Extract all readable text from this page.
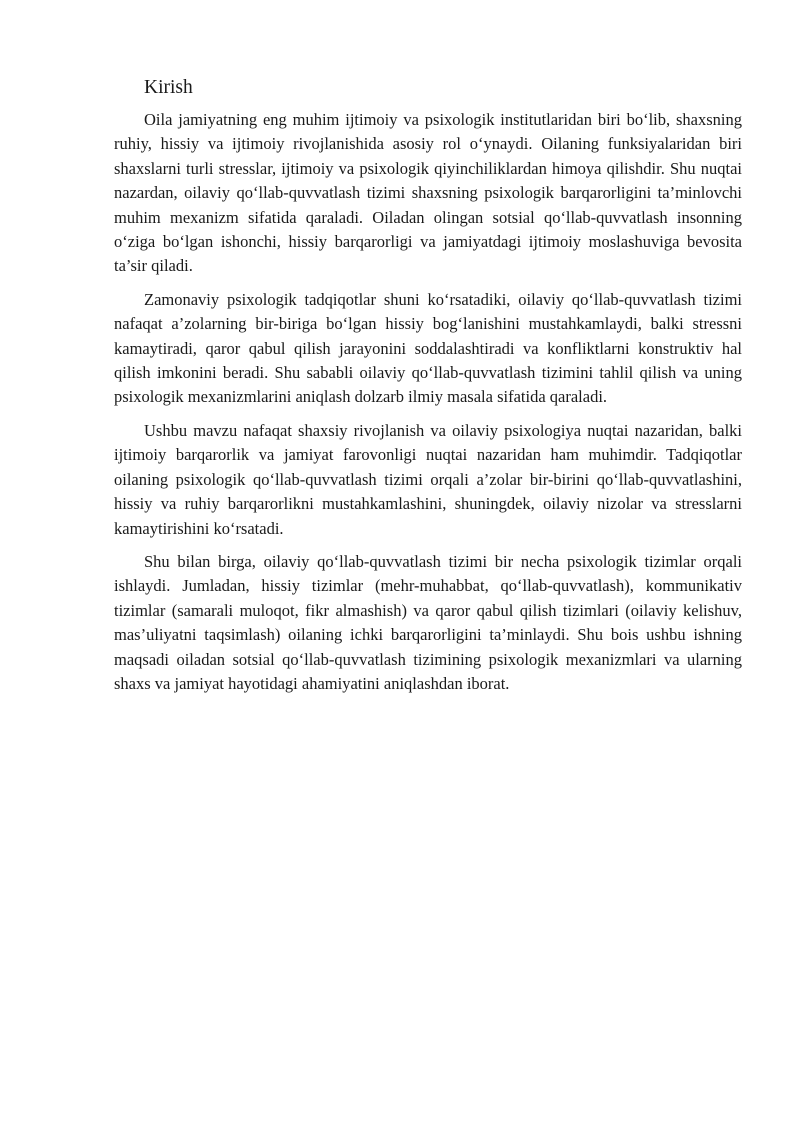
Kirish

Oila jamiyatning eng muhim ijtimoiy va psixologik institutlaridan biri bo‘lib, shaxsning ruhiy, hissiy va ijtimoiy rivojlanishida asosiy rol o‘ynaydi. Oilaning funksiyalaridan biri shaxslarni turli stresslar, ijtimoiy va psixologik qiyinchiliklardan himoya qilishdir. Shu nuqtai nazardan, oilaviy qo‘llab-quvvatlash tizimi shaxsning psixologik barqarorligini ta’minlovchi muhim mexanizm sifatida qaraladi. Oiladan olingan sotsial qo‘llab-quvvatlash insonning o‘ziga bo‘lgan ishonchi, hissiy barqarorligi va jamiyatdagi ijtimoiy moslashuviga bevosita ta’sir qiladi.

Zamonaviy psixologik tadqiqotlar shuni ko‘rsatadiki, oilaviy qo‘llab-quvvatlash tizimi nafaqat a’zolarning bir-biriga bo‘lgan hissiy bog‘lanishini mustahkamlaydi, balki stressni kamaytiradi, qaror qabul qilish jarayonini soddalashtiradi va konfliktlarni konstruktiv hal qilish imkonini beradi. Shu sababli oilaviy qo‘llab-quvvatlash tizimini tahlil qilish va uning psixologik mexanizmlarini aniqlash dolzarb ilmiy masala sifatida qaraladi.

Ushbu mavzu nafaqat shaxsiy rivojlanish va oilaviy psixologiya nuqtai nazaridan, balki ijtimoiy barqarorlik va jamiyat farovonligi nuqtai nazaridan ham muhimdir. Tadqiqotlar oilaning psixologik qo‘llab-quvvatlash tizimi orqali a’zolar bir-birini qo‘llab-quvvatlashini, hissiy va ruhiy barqarorlikni mustahkamlashini, shuningdek, oilaviy nizolar va stresslarni kamaytirishini ko‘rsatadi.

Shu bilan birga, oilaviy qo‘llab-quvvatlash tizimi bir necha psixologik tizimlar orqali ishlaydi. Jumladan, hissiy tizimlar (mehr-muhabbat, qo‘llab-quvvatlash), kommunikativ tizimlar (samarali muloqot, fikr almashish) va qaror qabul qilish tizimlari (oilaviy kelishuv, mas’uliyatni taqsimlash) oilaning ichki barqarorligini ta’minlaydi. Shu bois ushbu ishning maqsadi oiladan sotsial qo‘llab-quvvatlash tizimining psixologik mexanizmlari va ularning shaxs va jamiyat hayotidagi ahamiyatini aniqlashdan iborat.
